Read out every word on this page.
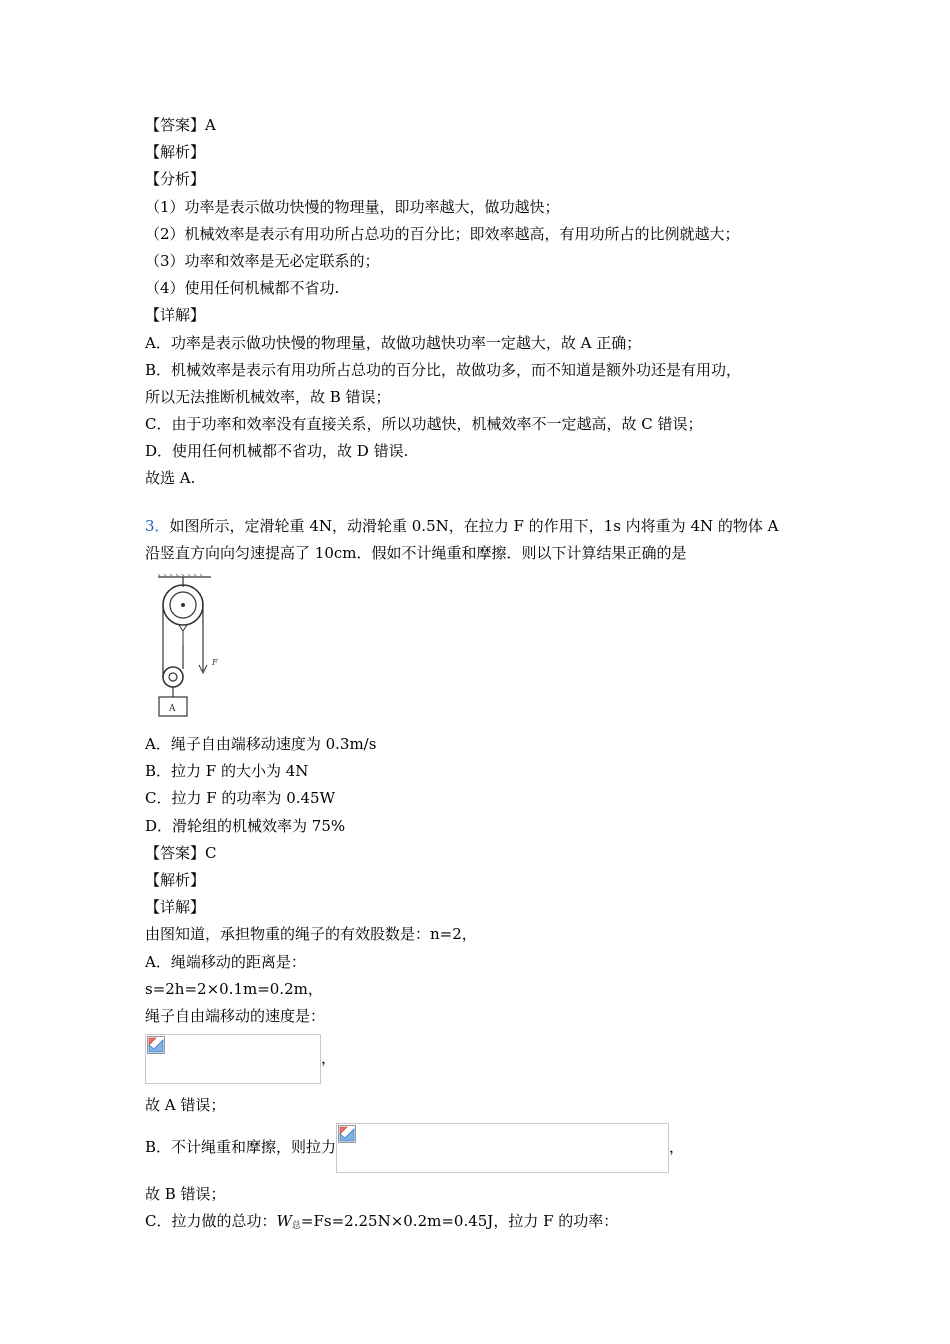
【答案】A
【解析】
【分析】
（1）功率是表示做功快慢的物理量，即功率越大，做功越快；
（2）机械效率是表示有用功所占总功的百分比；即效率越高，有用功所占的比例就越大；
（3）功率和效率是无必定联系的；
（4）使用任何机械都不省功.
【详解】
A．功率是表示做功快慢的物理量，故做功越快功率一定越大，故 A 正确；
B．机械效率是表示有用功所占总功的百分比，故做功多，而不知道是额外功还是有用功，
所以无法推断机械效率，故 B 错误；
C．由于功率和效率没有直接关系，所以功越快，机械效率不一定越高，故 C 错误；
D．使用任何机械都不省功，故 D 错误.
故选 A.
3．如图所示，定滑轮重 4N，动滑轮重 0.5N，在拉力 F 的作用下，1s 内将重为 4N 的物体 A
沿竖直方向向匀速提高了 10cm．假如不计绳重和摩擦．则以下计算结果正确的是
F
A
A．绳子自由端移动速度为 0.3m/s
B．拉力 F 的大小为 4N
C．拉力 F 的功率为 0.45W
D．滑轮组的机械效率为 75%
【答案】C
【解析】
【详解】
由图知道，承担物重的绳子的有效股数是：n=2，
A．绳端移动的距离是：
s=2h=2×0.1m=0.2m，
绳子自由端移动的速度是：
，
故 A 错误；
B．不计绳重和摩擦，则拉力	，
故 B 错误；
C．拉力做的总功：$W_总=Fs=2.25N\times 0.2m=0.45J$，拉力 F 的功率：
